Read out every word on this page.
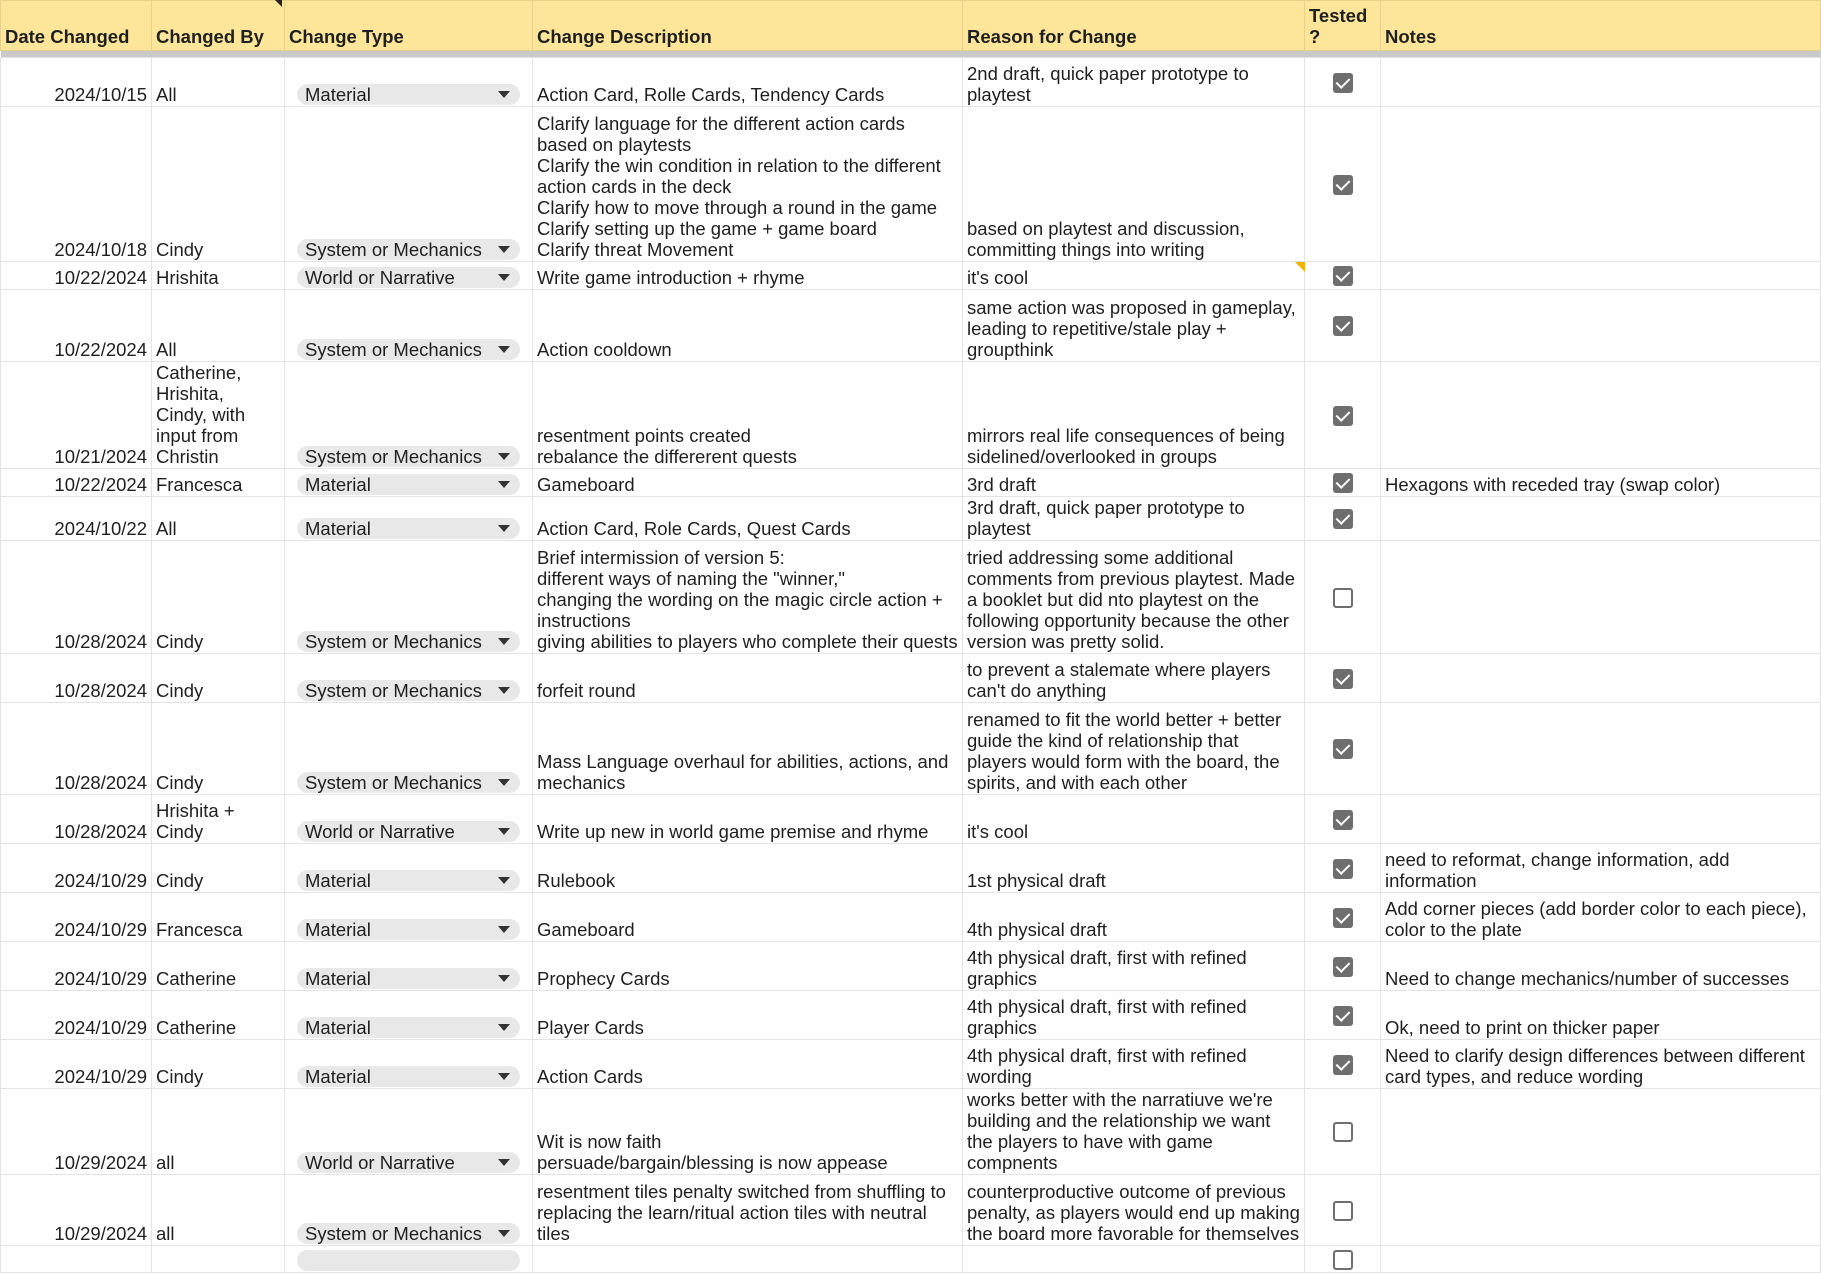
Date Changed	Changed By	Change Type	Change Description	Reason for Change	Tested ?	Notes

2024/10/15	All	Material	Action Card, Rolle Cards, Tendency Cards	2nd draft, quick paper prototype to playtest		
2024/10/18	Cindy	System or Mechanics	Clarify language for the different action cards based on playtests
Clarify the win condition in relation to the different action cards in the deck
Clarify how to move through a round in the game
Clarify setting up the game + game board
Clarify threat Movement	based on playtest and discussion, committing things into writing		
10/22/2024	Hrishita	World or Narrative	Write game introduction + rhyme	it's cool		
10/22/2024	All	System or Mechanics	Action cooldown	same action was proposed in gameplay, leading to repetitive/stale play + groupthink		
10/21/2024	Catherine, Hrishita, Cindy, with input from Christin	System or Mechanics	resentment points created
rebalance the differerent quests	mirrors real life consequences of being sidelined/overlooked in groups		
10/22/2024	Francesca	Material	Gameboard	3rd draft		Hexagons with receded tray (swap color)
2024/10/22	All	Material	Action Card, Role Cards, Quest Cards	3rd draft, quick paper prototype to playtest		
10/28/2024	Cindy	System or Mechanics	Brief intermission of version 5:
different ways of naming the "winner,"
changing the wording on the magic circle action + instructions
giving abilities to players who complete their quests	tried addressing some additional comments from previous playtest. Made a booklet but did nto playtest on the following opportunity because the other version was pretty solid.		
10/28/2024	Cindy	System or Mechanics	forfeit round	to prevent a stalemate where players can't do anything		
10/28/2024	Cindy	System or Mechanics	Mass Language overhaul for abilities, actions, and mechanics	renamed to fit the world better + better guide the kind of relationship that players would form with the board, the spirits, and with each other		
10/28/2024	Hrishita + Cindy	World or Narrative	Write up new in world game premise and rhyme	it's cool		
2024/10/29	Cindy	Material	Rulebook	1st physical draft		need to reformat, change information, add information
2024/10/29	Francesca	Material	Gameboard	4th physical draft		Add corner pieces (add border color to each piece), color to the plate
2024/10/29	Catherine	Material	Prophecy Cards	4th physical draft, first with refined graphics		Need to change mechanics/number of successes
2024/10/29	Catherine	Material	Player Cards	4th physical draft, first with refined graphics		Ok, need to print on thicker paper
2024/10/29	Cindy	Material	Action Cards	4th physical draft, first with refined wording		Need to clarify design differences between different card types, and reduce wording
10/29/2024	all	World or Narrative	Wit is now faith
persuade/bargain/blessing is now appease	works better with the narratiuve we're building and the relationship we want the players to have with game compnents		
10/29/2024	all	System or Mechanics	resentment tiles penalty switched from shuffling to replacing the learn/ritual action tiles with neutral tiles	counterproductive outcome of previous penalty, as players would end up making the board more favorable for themselves		
